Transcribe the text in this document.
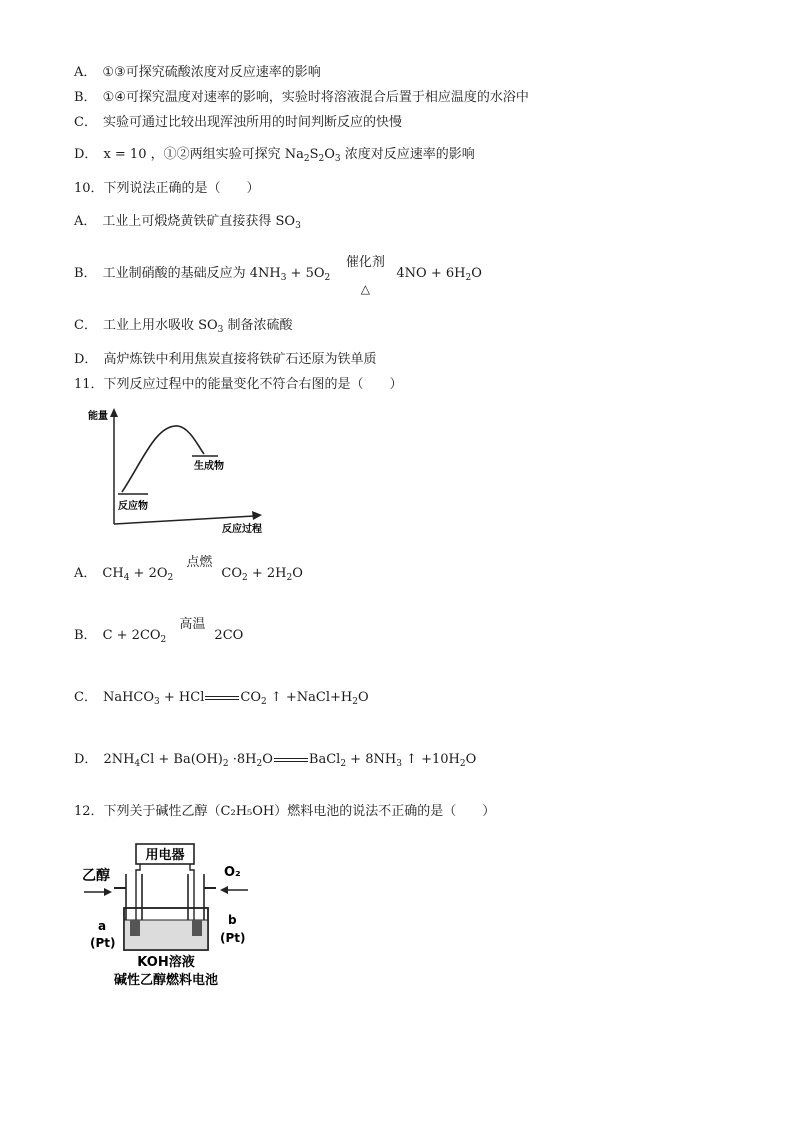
A． ①③可探究硫酸浓度对反应速率的影响
B． ①④可探究温度对速率的影响，实验时将溶液混合后置于相应温度的水浴中
C． 实验可通过比较出现浑浊所用的时间判断反应的快慢
D． x = 10 ，①②两组实验可探究 $Na_2S_2O_3$ 浓度对反应速率的影响
10．下列说法正确的是（　　）
A． 工业上可煅烧黄铁矿直接获得 $SO_3$
B． 工业制硝酸的基础反应为 $4NH_3 + 5O_2$
催化剂
△
$4NO + 6H_2O$
C． 工业上用水吸收 $SO_3$ 制备浓硫酸
D． 高炉炼铁中利用焦炭直接将铁矿石还原为铁单质
11．下列反应过程中的能量变化不符合右图的是（　　）
能量
反应过程
反应物
生成物
A． $CH_4 + 2O_2$
点燃
$CO_2 + 2H_2O$
B． $C + 2CO_2$
高温
2CO
C． NaHCO$_3$ + HCl	$CO_2$ ↑ $+NaCl+H_2O$
D． $2NH_4Cl + Ba(OH)_2 \cdot 8H_2O$	BaCl$_2$ + $8NH_3$ ↑ $+10H_2O$
12．下列关于碱性乙醇（C₂H₅OH）燃料电池的说法不正确的是（　　）
用电器
乙醇	O₂
a
(Pt)
b
(Pt)
KOH溶液
碱性乙醇燃料电池
